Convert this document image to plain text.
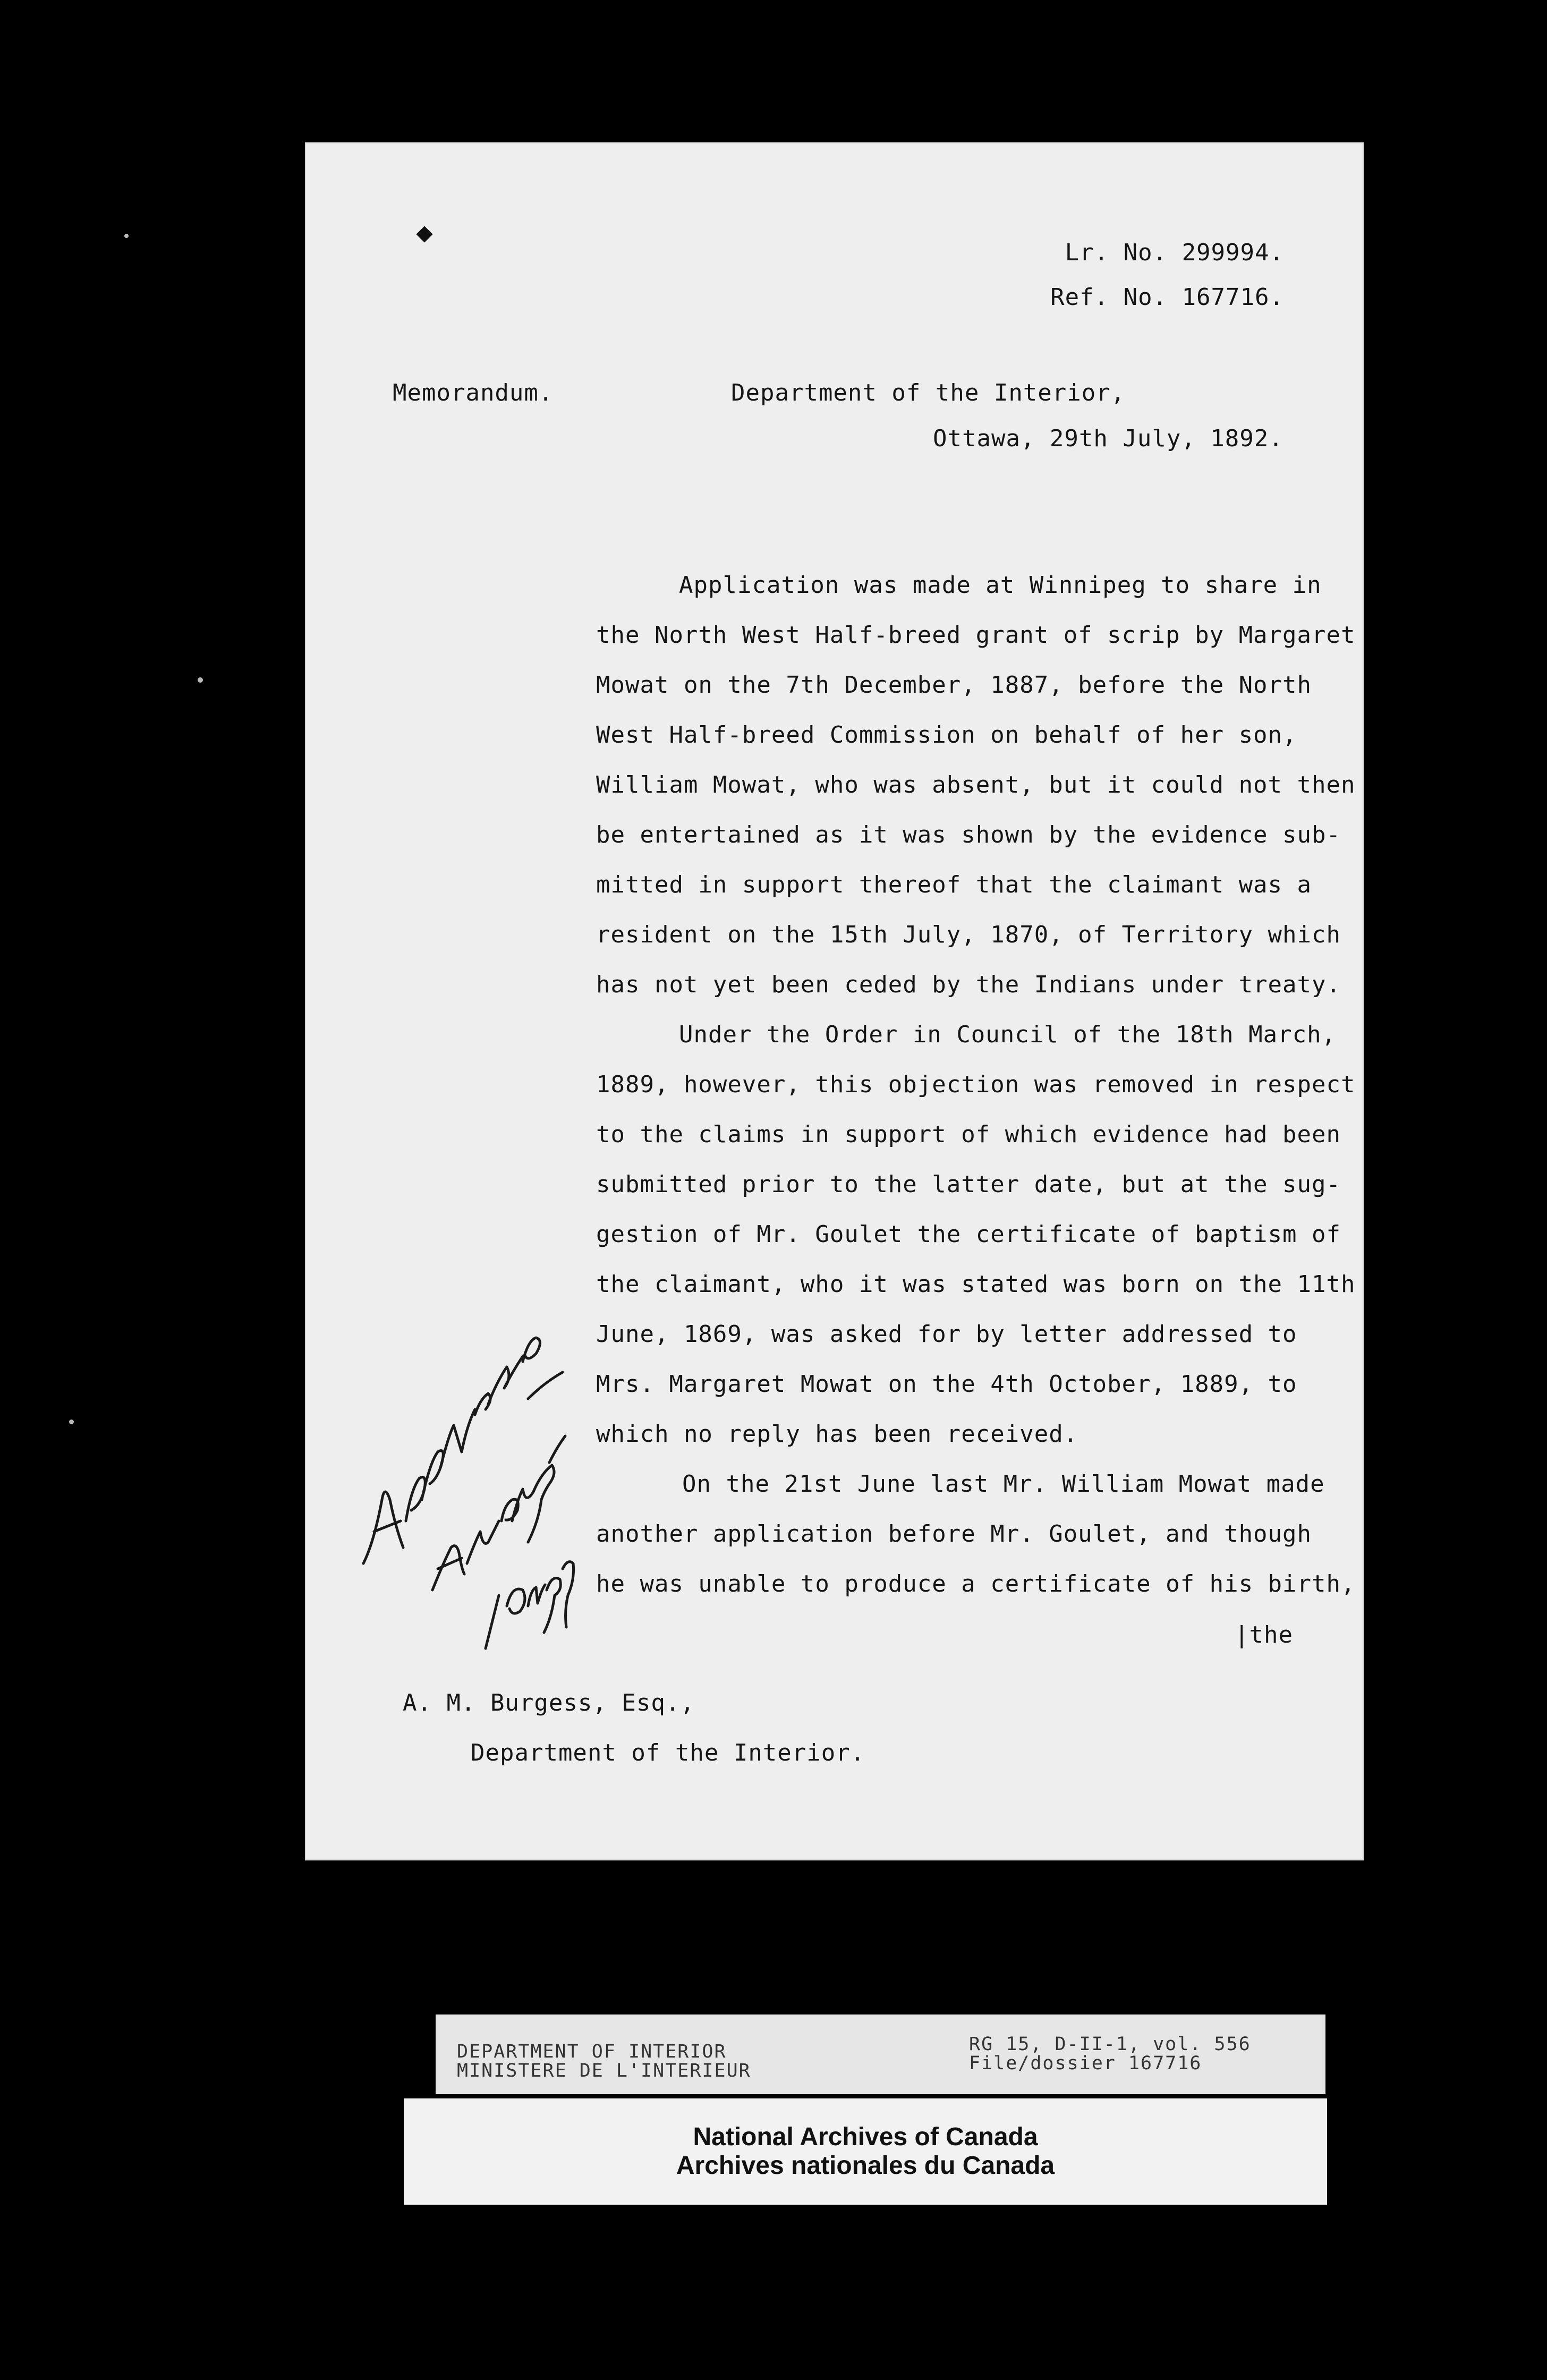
Lr. No. 299994.
Ref. No. 167716.
Memorandum.	Department of the Interior,
Ottawa, 29th July, 1892.
Application was made at Winnipeg to share in
the North West Half-breed grant of scrip by Margaret
Mowat on the 7th December, 1887, before the North
West Half-breed Commission on behalf of her son,
William Mowat, who was absent, but it could not then
be entertained as it was shown by the evidence sub-
mitted in support thereof that the claimant was a
resident on the 15th July, 1870, of Territory which
has not yet been ceded by the Indians under treaty.
Under the Order in Council of the 18th March,
1889, however, this objection was removed in respect
to the claims in support of which evidence had been
submitted prior to the latter date, but at the sug-
gestion of Mr. Goulet the certificate of baptism of
the claimant, who it was stated was born on the 11th
June, 1869, was asked for by letter addressed to
Mrs. Margaret Mowat on the 4th October, 1889, to
which no reply has been received.
On the 21st June last Mr. William Mowat made
another application before Mr. Goulet, and though
he was unable to produce a certificate of his birth,
|the
A. M. Burgess, Esq.,
Department of the Interior.
DEPARTMENT OF INTERIOR
MINISTERE DE L'INTERIEUR
RG 15, D-II-1, vol. 556
File/dossier 167716
National Archives of Canada
Archives nationales du Canada
